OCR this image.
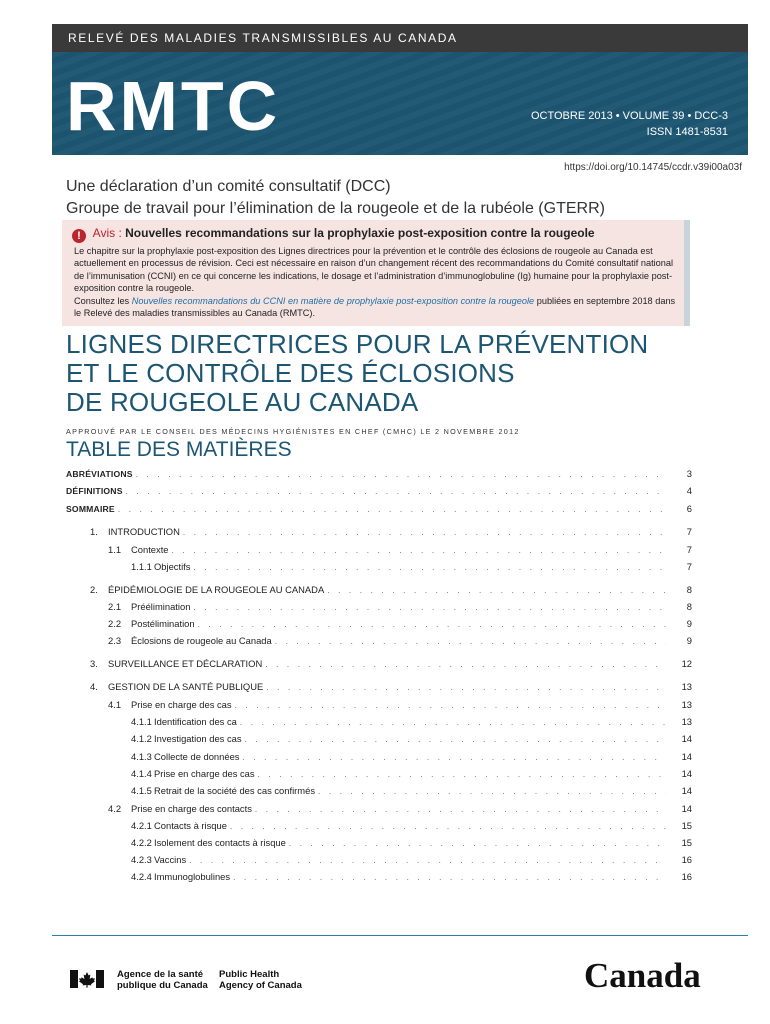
RELEVÉ DES MALADIES TRANSMISSIBLES AU CANADA
RMTC	OCTOBRE 2013 • VOLUME 39 • DCC-3
ISSN 1481-8531
https://doi.org/10.14745/ccdr.v39i00a03f
Une déclaration d’un comité consultatif (DCC)
Groupe de travail pour l’élimination de la rougeole et de la rubéole (GTERR)
! Avis : Nouvelles recommandations sur la prophylaxie post-exposition contre la rougeole
Le chapitre sur la prophylaxie post-exposition des Lignes directrices pour la prévention et le contrôle des éclosions de rougeole au Canada est actuellement en processus de révision. Ceci est nécessaire en raison d’un changement récent des recommandations du Comité consultatif national de l’immunisation (CCNI) en ce qui concerne les indications, le dosage et l’administration d’immunoglobuline (Ig) humaine pour la prophylaxie post-exposition contre la rougeole.
Consultez les Nouvelles recommandations du CCNI en matière de prophylaxie post-exposition contre la rougeole publiées en septembre 2018 dans le Relevé des maladies transmissibles au Canada (RMTC).
LIGNES DIRECTRICES POUR LA PRÉVENTION
ET LE CONTRÔLE DES ÉCLOSIONS
DE ROUGEOLE AU CANADA
APPROUVÉ PAR LE CONSEIL DES MÉDECINS HYGIÉNISTES EN CHEF (CMHC) LE 2 NOVEMBRE 2012
TABLE DES MATIÈRES
ABRÉVIATIONS . . .	3
DÉFINITIONS . . .	4
SOMMAIRE . . .	6
1.	INTRODUCTION . . .	7
1.1	Contexte . . .	7
1.1.1 Objectifs . . .	7
2.	ÉPIDÉMIOLOGIE DE LA ROUGEOLE AU CANADA . . .	8
2.1	Préélimination . . .	8
2.2	Postélimination . . .	9
2.3	Éclosions de rougeole au Canada . . .	9
3.	SURVEILLANCE ET DÉCLARATION . . .	12
4.	GESTION DE LA SANTÉ PUBLIQUE . . .	13
4.1	Prise en charge des cas . . .	13
4.1.1 Identification des ca . . .	13
4.1.2 Investigation des cas . . .	14
4.1.3 Collecte de données . . .	14
4.1.4 Prise en charge des cas . . .	14
4.1.5 Retrait de la société des cas confirmés . . .	14
4.2	Prise en charge des contacts . . .	14
4.2.1 Contacts à risque . . .	15
4.2.2 Isolement des contacts à risque . . .	15
4.2.3 Vaccins . . .	16
4.2.4 Immunoglobulines . . .	16
Agence de la santé
publique du Canada
Public Health
Agency of Canada	Canada
